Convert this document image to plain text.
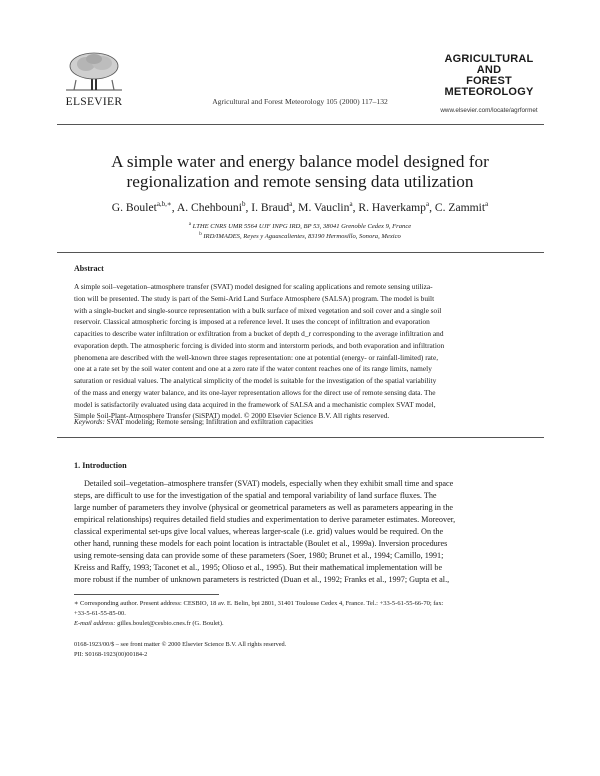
ELSEVIER	Agricultural and Forest Meteorology 105 (2000) 117–132
AGRICULTURAL
AND
FOREST
METEOROLOGY
www.elsevier.com/locate/agrformet
A simple water and energy balance model designed for
regionalization and remote sensing data utilization
G. Boulet$^{a,b,∗}$, A. Chehbouni$^b$, I. Braud$^a$, M. Vauclin$^a$, R. Haverkamp$^a$, C. Zammit$^a$
$^a$ LTHE CNRS UMR 5564 UJF INPG IRD, BP 53, 38041 Grenoble Cedex 9, France
$^b$ IRD/IMADES, Reyes y Aguascalientes, 83190 Hermosillo, Sonora, Mexico
Abstract
A simple soil–vegetation–atmosphere transfer (SVAT) model designed for scaling applications and remote sensing utiliza-
tion will be presented. The study is part of the Semi-Arid Land Surface Atmosphere (SALSA) program. The model is built
with a single-bucket and single-source representation with a bulk surface of mixed vegetation and soil cover and a single soil
reservoir. Classical atmospheric forcing is imposed at a reference level. It uses the concept of infiltration and evaporation
capacities to describe water infiltration or exfiltration from a bucket of depth d_r corresponding to the average infiltration and
evaporation depth. The atmospheric forcing is divided into storm and interstorm periods, and both evaporation and infiltration
phenomena are described with the well-known three stages representation: one at potential (energy- or rainfall-limited) rate,
one at a rate set by the soil water content and one at a zero rate if the water content reaches one of its range limits, namely
saturation or residual values. The analytical simplicity of the model is suitable for the investigation of the spatial variability
of the mass and energy water balance, and its one-layer representation allows for the direct use of remote sensing data. The
model is satisfactorily evaluated using data acquired in the framework of SALSA and a mechanistic complex SVAT model,
Simple Soil-Plant-Atmosphere Transfer (SiSPAT) model. © 2000 Elsevier Science B.V. All rights reserved.
Keywords: SVAT modeling; Remote sensing; Infiltration and exfiltration capacities
1. Introduction
Detailed soil–vegetation–atmosphere transfer (SVAT) models, especially when they exhibit small time and space
steps, are difficult to use for the investigation of the spatial and temporal variability of land surface fluxes. The
large number of parameters they involve (physical or geometrical parameters as well as parameters appearing in the
empirical relationships) requires detailed field studies and experimentation to derive parameter estimates. Moreover,
classical experimental set-ups give local values, whereas larger-scale (i.e. grid) values would be required. On the
other hand, running these models for each point location is intractable (Boulet et al., 1999a). Inversion procedures
using remote-sensing data can provide some of these parameters (Soer, 1980; Brunet et al., 1994; Camillo, 1991;
Kreiss and Raffy, 1993; Taconet et al., 1995; Olioso et al., 1995). But their mathematical implementation will be
more robust if the number of unknown parameters is restricted (Duan et al., 1992; Franks et al., 1997; Gupta et al.,
∗ Corresponding author. Present address: CESBIO, 18 av. E. Belin, bpi 2801, 31401 Toulouse Cedex 4, France. Tel.: +33-5-61-55-66-70; fax:
+33-5-61-55-85-00.
E-mail address: gilles.boulet@cesbio.cnes.fr (G. Boulet).
0168-1923/00/$ – see front matter © 2000 Elsevier Science B.V. All rights reserved.
PII: S0168-1923(00)00184-2
